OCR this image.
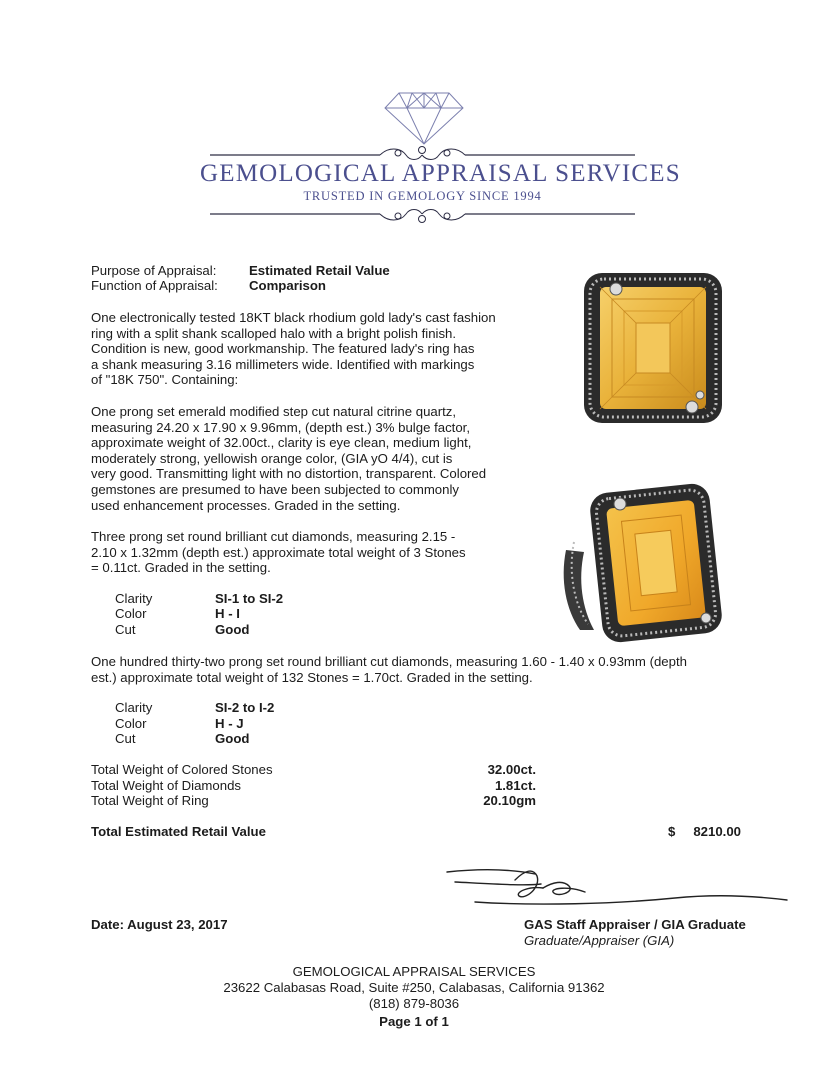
GEMOLOGICAL APPRAISAL SERVICES
TRUSTED IN GEMOLOGY SINCE 1994
Purpose of Appraisal: Estimated Retail Value
Function of Appraisal: Comparison
One electronically tested 18KT black rhodium gold lady's cast fashion
ring with a split shank scalloped halo with a bright polish finish.
Condition is new, good workmanship. The featured lady's ring has
a shank measuring 3.16 millimeters wide. Identified with markings
of "18K 750". Containing:
One prong set emerald modified step cut natural citrine quartz,
measuring 24.20 x 17.90 x 9.96mm, (depth est.) 3% bulge factor,
approximate weight of 32.00ct., clarity is eye clean, medium light,
moderately strong, yellowish orange color, (GIA yO 4/4), cut is
very good. Transmitting light with no distortion, transparent. Colored
gemstones are presumed to have been subjected to commonly
used enhancement processes. Graded in the setting.
Three prong set round brilliant cut diamonds, measuring 2.15 -
2.10 x 1.32mm (depth est.) approximate total weight of 3 Stones
= 0.11ct. Graded in the setting.
Clarity	SI-1 to SI-2
Color	H - I
Cut	Good
One hundred thirty-two prong set round brilliant cut diamonds, measuring 1.60 - 1.40 x 0.93mm (depth
est.) approximate total weight of 132 Stones = 1.70ct. Graded in the setting.
Clarity	SI-2 to I-2
Color	H - J
Cut	Good
Total Weight of Colored Stones	32.00ct.
Total Weight of Diamonds	1.81ct.
Total Weight of Ring	20.10gm
Total Estimated Retail Value	$	8210.00
Date: August 23, 2017	GAS Staff Appraiser / GIA Graduate
Graduate/Appraiser (GIA)
GEMOLOGICAL APPRAISAL SERVICES
23622 Calabasas Road, Suite #250, Calabasas, California 91362
(818) 879-8036
Page 1 of 1
